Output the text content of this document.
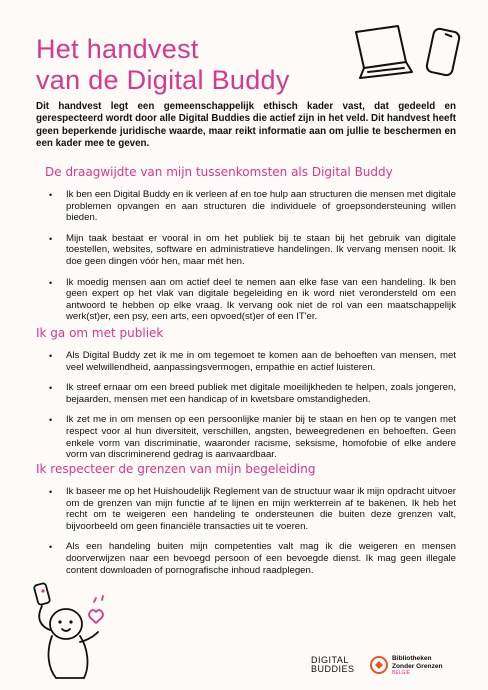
Het handvest
van de Digital Buddy

Dit handvest legt een gemeenschappelijk ethisch kader vast, dat gedeeld en gerespecteerd wordt door alle Digital Buddies die actief zijn in het veld. Dit handvest heeft geen beperkende juridische waarde, maar reikt informatie aan om jullie te beschermen en een kader mee te geven.

De draagwijdte van mijn tussenkomsten als Digital Buddy
• Ik ben een Digital Buddy en ik verleen af en toe hulp aan structuren die mensen met digitale problemen opvangen en aan structuren die individuele of groepsondersteuning willen bieden.
• Mijn taak bestaat er vooral in om het publiek bij te staan bij het gebruik van digitale toestellen, websites, software en administratieve handelingen. Ik vervang mensen nooit. Ik doe geen dingen vóór hen, maar mét hen.
• Ik moedig mensen aan om actief deel te nemen aan elke fase van een handeling. Ik ben geen expert op het vlak van digitale begeleiding en ik word niet verondersteld om een antwoord te hebben op elke vraag. Ik vervang ook niet de rol van een maatschappelijk werk(st)er, een psy, een arts, een opvoed(st)er of een IT'er.
Ik ga om met publiek
• Als Digital Buddy zet ik me in om tegemoet te komen aan de behoeften van mensen, met veel welwillendheid, aanpassingsvermogen, empathie en actief luisteren.
• Ik streef ernaar om een breed publiek met digitale moeilijkheden te helpen, zoals jongeren, bejaarden, mensen met een handicap of in kwetsbare omstandigheden.
• Ik zet me in om mensen op een persoonlijke manier bij te staan en hen op te vangen met respect voor al hun diversiteit, verschillen, angsten, beweegredenen en behoeften. Geen enkele vorm van discriminatie, waaronder racisme, seksisme, homofobie of elke andere vorm van discriminerend gedrag is aanvaardbaar.
Ik respecteer de grenzen van mijn begeleiding
• Ik baseer me op het Huishoudelijk Reglement van de structuur waar ik mijn opdracht uitvoer om de grenzen van mijn functie af te lijnen en mijn werkterrein af te bakenen. Ik heb het recht om te weigeren een handeling te ondersteunen die buiten deze grenzen valt, bijvoorbeeld om geen financiële transacties uit te voeren.
• Als een handeling buiten mijn competenties valt mag ik die weigeren en mensen doorverwijzen naar een bevoegd persoon of een bevoegde dienst. Ik mag geen illegale content downloaden of pornografische inhoud raadplegen.
DIGITAL
BUDDIES
Bibliotheken
Zonder Grenzen
BELGIË
